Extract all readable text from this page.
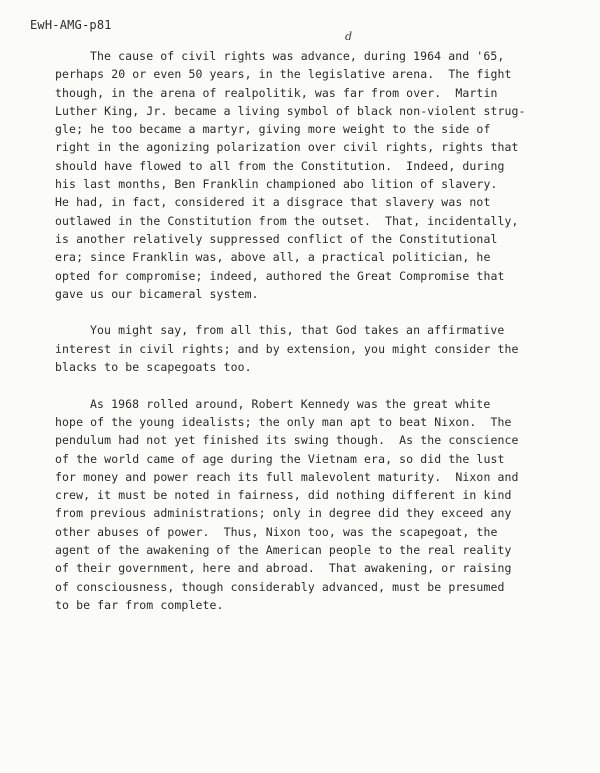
EwH-AMG-p81
d
The cause of civil rights was advance, during 1964 and '65,
perhaps 20 or even 50 years, in the legislative arena.  The fight
though, in the arena of realpolitik, was far from over.  Martin
Luther King, Jr. became a living symbol of black non-violent strug-
gle; he too became a martyr, giving more weight to the side of
right in the agonizing polarization over civil rights, rights that
should have flowed to all from the Constitution.  Indeed, during
his last months, Ben Franklin championed abo lition of slavery.
He had, in fact, considered it a disgrace that slavery was not
outlawed in the Constitution from the outset.  That, incidentally,
is another relatively suppressed conflict of the Constitutional
era; since Franklin was, above all, a practical politician, he
opted for compromise; indeed, authored the Great Compromise that
gave us our bicameral system.
You might say, from all this, that God takes an affirmative
interest in civil rights; and by extension, you might consider the
blacks to be scapegoats too.
As 1968 rolled around, Robert Kennedy was the great white
hope of the young idealists; the only man apt to beat Nixon.  The
pendulum had not yet finished its swing though.  As the conscience
of the world came of age during the Vietnam era, so did the lust
for money and power reach its full malevolent maturity.  Nixon and
crew, it must be noted in fairness, did nothing different in kind
from previous administrations; only in degree did they exceed any
other abuses of power.  Thus, Nixon too, was the scapegoat, the
agent of the awakening of the American people to the real reality
of their government, here and abroad.  That awakening, or raising
of consciousness, though considerably advanced, must be presumed
to be far from complete.
